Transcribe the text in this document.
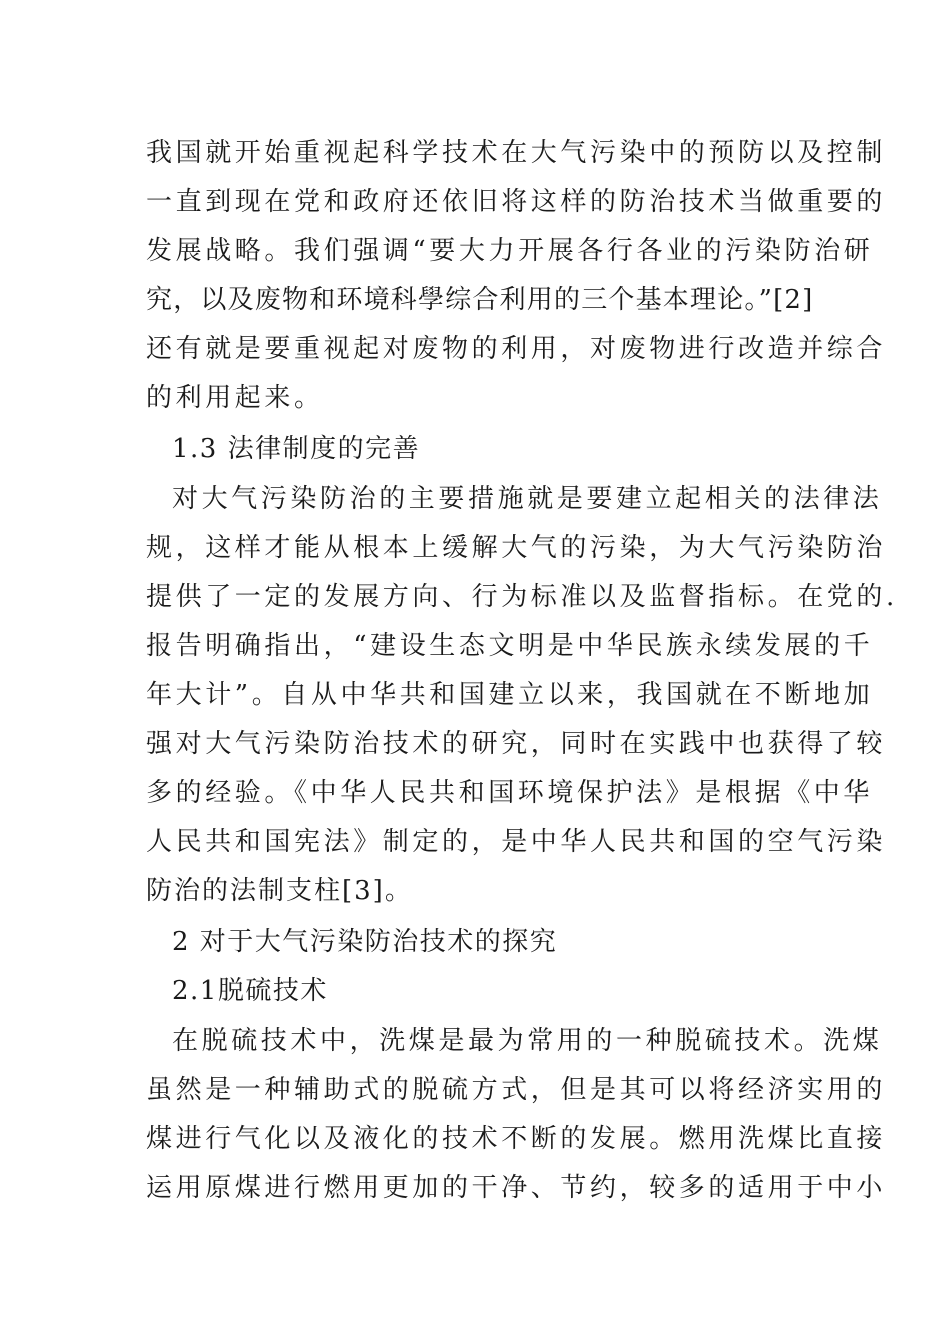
我国就开始重视起科学技术在大气污染中的预防以及控制
一直到现在党和政府还依旧将这样的防治技术当做重要的
发展战略。我们强调“要大力开展各行各业的污染防治研
究，以及废物和环境科學综合利用的三个基本理论。”[2]
还有就是要重视起对废物的利用，对废物进行改造并综合
的利用起来。
1.3 法律制度的完善
对大气污染防治的主要措施就是要建立起相关的法律法
规，这样才能从根本上缓解大气的污染，为大气污染防治
提供了一定的发展方向、行为标准以及监督指标。在党的.
报告明确指出，“建设生态文明是中华民族永续发展的千
年大计”。自从中华共和国建立以来，我国就在不断地加
强对大气污染防治技术的研究，同时在实践中也获得了较
多的经验。《中华人民共和国环境保护法》是根据《中华
人民共和国宪法》制定的，是中华人民共和国的空气污染
防治的法制支柱[3]。
2 对于大气污染防治技术的探究
2.1脱硫技术
在脱硫技术中，洗煤是最为常用的一种脱硫技术。洗煤
虽然是一种辅助式的脱硫方式，但是其可以将经济实用的
煤进行气化以及液化的技术不断的发展。燃用洗煤比直接
运用原煤进行燃用更加的干净、节约，较多的适用于中小
